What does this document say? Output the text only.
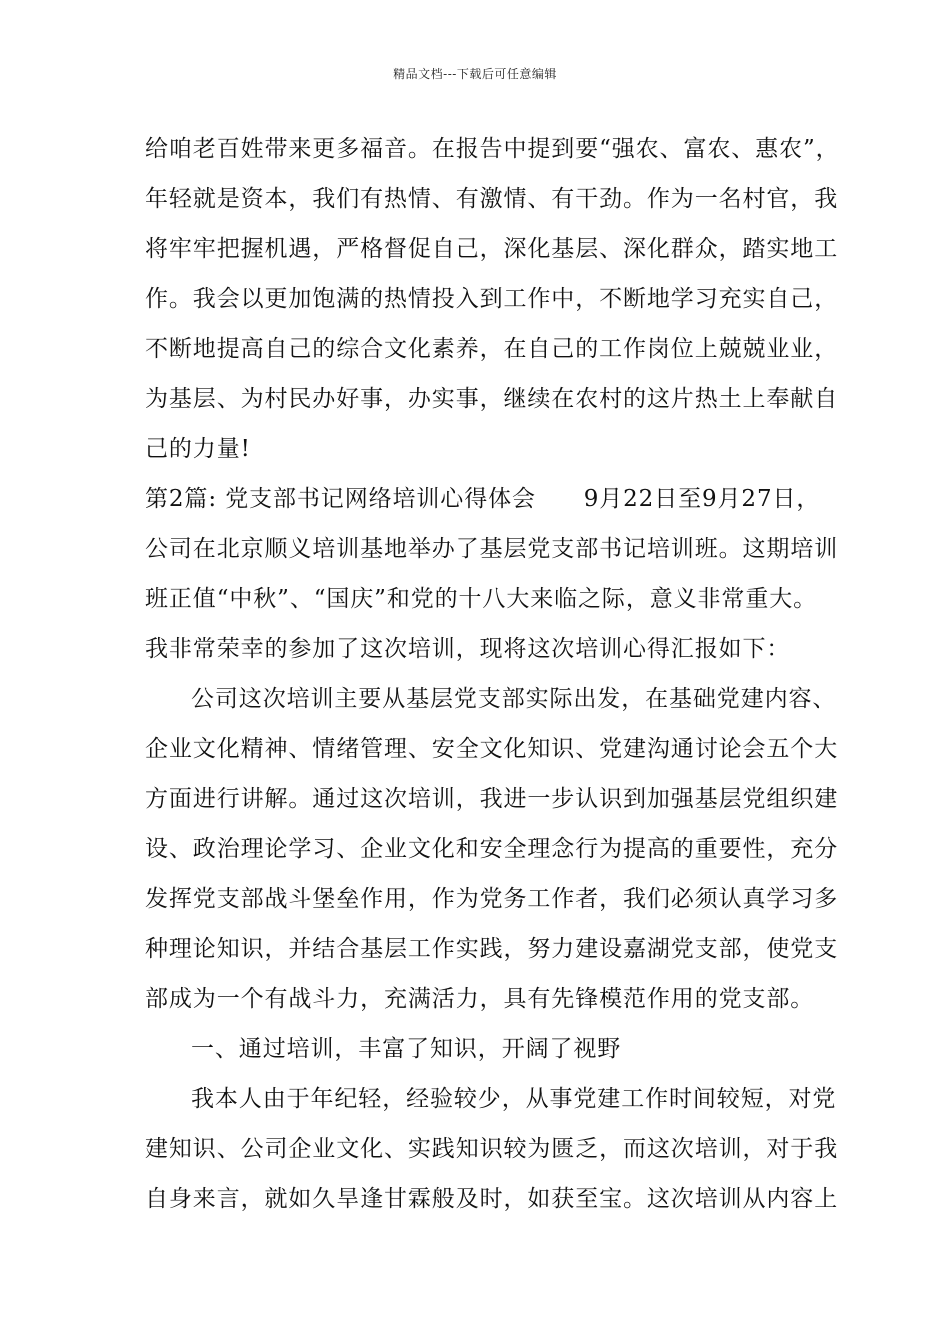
精品文档---下载后可任意编辑
给咱老百姓带来更多福音。在报告中提到要“强农、富农、惠农”，
年轻就是资本，我们有热情、有激情、有干劲。作为一名村官，我
将牢牢把握机遇，严格督促自己，深化基层、深化群众，踏实地工
作。我会以更加饱满的热情投入到工作中，不断地学习充实自己，
不断地提高自己的综合文化素养，在自己的工作岗位上兢兢业业，
为基层、为村民办好事，办实事，继续在农村的这片热土上奉献自
己的力量!
第2篇: 党支部书记网络培训心得体会　　9月22日至9月27日，
公司在北京顺义培训基地举办了基层党支部书记培训班。这期培训
班正值“中秋”、“国庆”和党的十八大来临之际，意义非常重大。
我非常荣幸的参加了这次培训，现将这次培训心得汇报如下：
公司这次培训主要从基层党支部实际出发，在基础党建内容、
企业文化精神、情绪管理、安全文化知识、党建沟通讨论会五个大
方面进行讲解。通过这次培训，我进一步认识到加强基层党组织建
设、政治理论学习、企业文化和安全理念行为提高的重要性，充分
发挥党支部战斗堡垒作用，作为党务工作者，我们必须认真学习多
种理论知识，并结合基层工作实践，努力建设嘉湖党支部，使党支
部成为一个有战斗力，充满活力，具有先锋模范作用的党支部。
一、通过培训，丰富了知识，开阔了视野
我本人由于年纪轻，经验较少，从事党建工作时间较短，对党
建知识、公司企业文化、实践知识较为匮乏，而这次培训，对于我
自身来言，就如久旱逢甘霖般及时，如获至宝。这次培训从内容上
